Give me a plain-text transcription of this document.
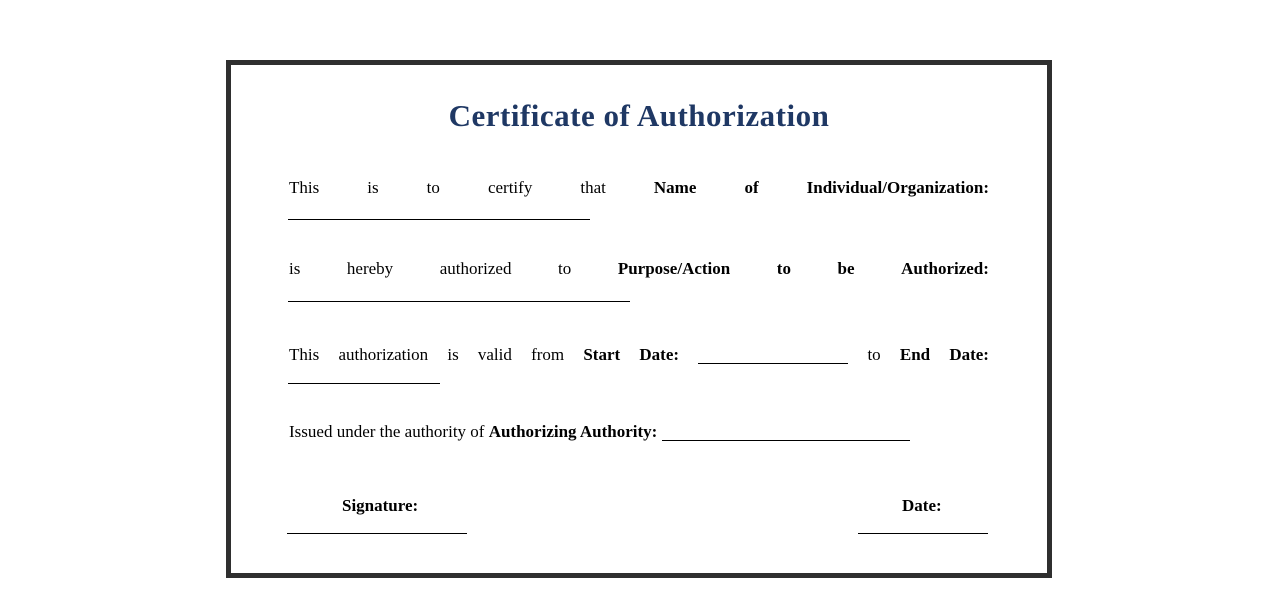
Certificate of Authorization
This	is	to	certify	that	Name	of	Individual/Organization:
is	hereby	authorized	to	Purpose/Action	to	be	Authorized:
This authorization is valid from Start Date:	to End Date:
Issued under the authority of Authorizing Authority:
Signature:	Date:
